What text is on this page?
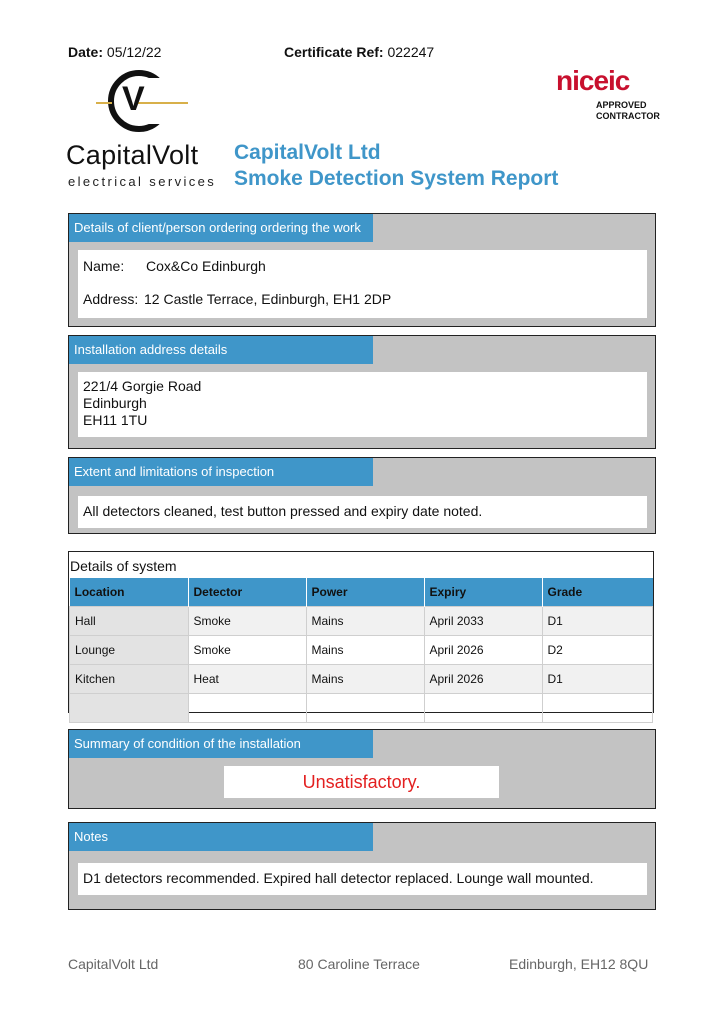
Date: 05/12/22	Certificate Ref: 022247
V
CapitalVolt
electrical services
niceic
APPROVED
CONTRACTOR
CapitalVolt Ltd
Smoke Detection System Report
Details of client/person ordering ordering the work
Name: Cox&Co Edinburgh
Address: 12 Castle Terrace, Edinburgh, EH1 2DP
Installation address details
221/4 Gorgie Road
Edinburgh
EH11 1TU
Extent and limitations of inspection
All detectors cleaned, test button pressed and expiry date noted.
Details of system
Location	Detector	Power	Expiry	Grade
Hall	Smoke	Mains	April 2033	D1
Lounge	Smoke	Mains	April 2026	D2
Kitchen	Heat	Mains	April 2026	D1

Summary of condition of the installation
Unsatisfactory.
Notes
D1 detectors recommended. Expired hall detector replaced. Lounge wall mounted.
CapitalVolt Ltd	80 Caroline Terrace	Edinburgh, EH12 8QU
